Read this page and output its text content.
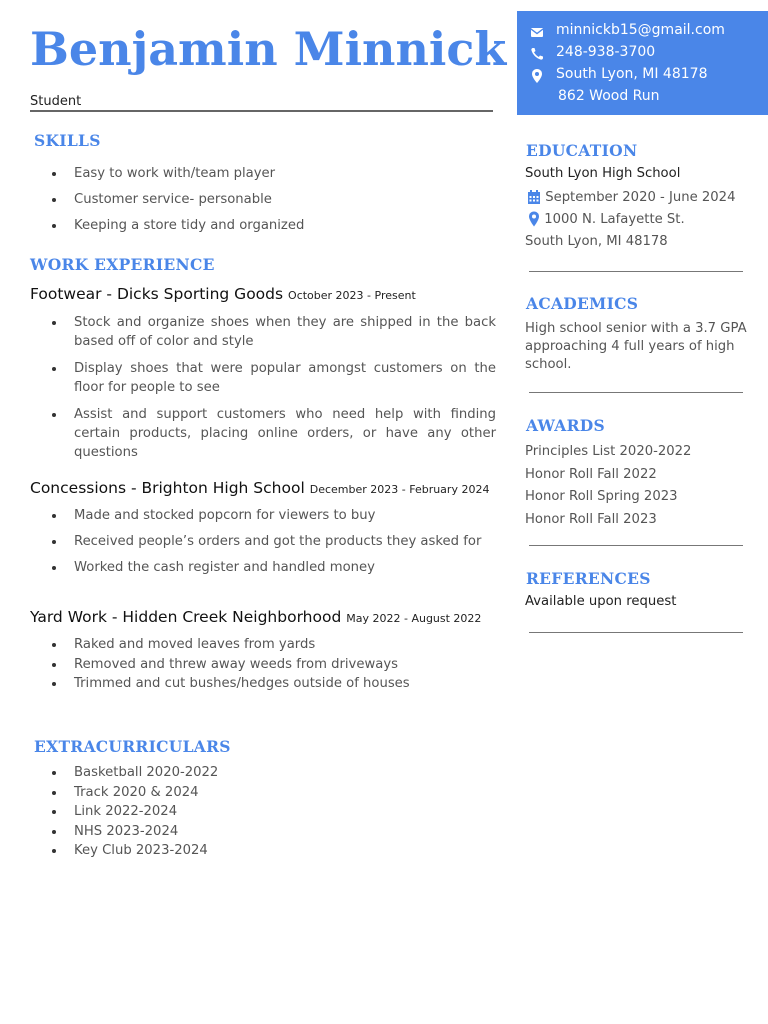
Benjamin Minnick
Student
SKILLS
Easy to work with/team player
Customer service- personable
Keeping a store tidy and organized
WORK EXPERIENCE
Footwear - Dicks Sporting Goods October 2023 - Present
Stock and organize shoes when they are shipped in the back based off of color and style
Display shoes that were popular amongst customers on the floor for people to see
Assist and support customers who need help with finding certain products, placing online orders, or have any other questions
Concessions - Brighton High School December 2023 - February 2024
Made and stocked popcorn for viewers to buy
Received people’s orders and got the products they asked for
Worked the cash register and handled money
Yard Work - Hidden Creek Neighborhood May 2022 - August 2022
Raked and moved leaves from yards
Removed and threw away weeds from driveways
Trimmed and cut bushes/hedges outside of houses
EXTRACURRICULARS
Basketball 2020-2022
Track 2020 & 2024
Link 2022-2024
NHS 2023-2024
Key Club 2023-2024
minnickb15@gmail.com
248-938-3700
South Lyon, MI 48178
862 Wood Run
EDUCATION
South Lyon High School
September 2020 - June 2024
1000 N. Lafayette St.
South Lyon, MI 48178
ACADEMICS
High school senior with a 3.7 GPA
approaching 4 full years of high
school.
AWARDS
Principles List 2020-2022
Honor Roll Fall 2022
Honor Roll Spring 2023
Honor Roll Fall 2023
REFERENCES
Available upon request
